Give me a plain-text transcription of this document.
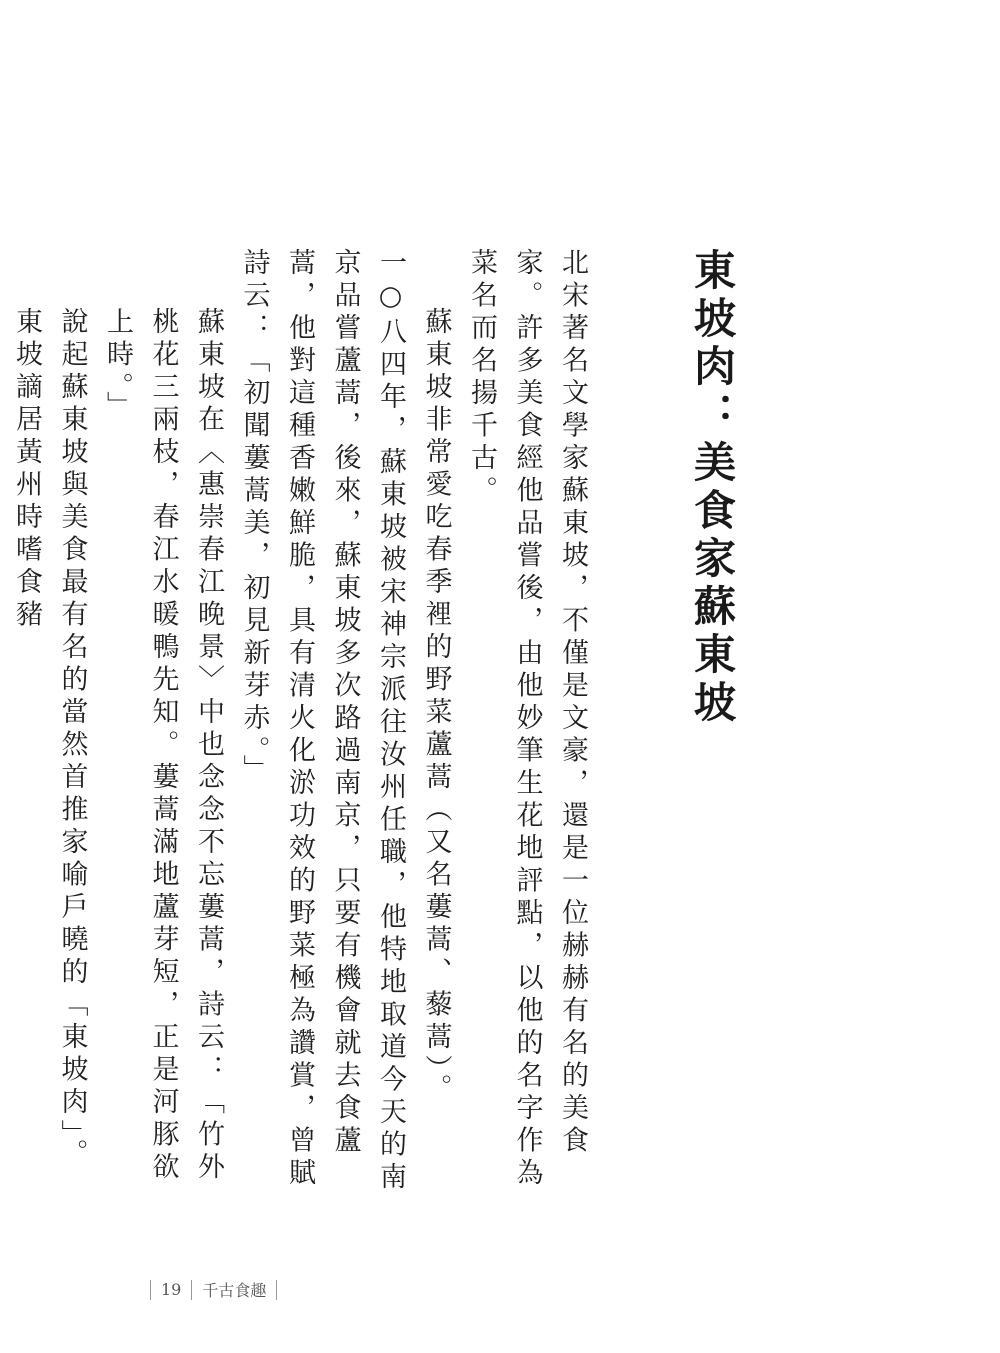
東坡肉：美食家蘇東坡

北宋著名文學家蘇東坡，不僅是文豪，還是一位赫赫有名的美食家。許多美食經他品嘗後，由他妙筆生花地評點，以他的名字作為菜名而名揚千古。

蘇東坡非常愛吃春季裡的野菜蘆蒿（又名蔞蒿、藜蒿）。

一○八四年，蘇東坡被宋神宗派往汝州任職，他特地取道今天的南京品嘗蘆蒿，後來，蘇東坡多次路過南京，只要有機會就去食蘆蒿，他對這種香嫩鮮脆，具有清火化淤功效的野菜極為讚賞，曾賦詩云：「初聞蔞蒿美，初見新芽赤。」

蘇東坡在〈惠崇春江晚景〉中也念念不忘蔞蒿，詩云：「竹外桃花三兩枝，春江水暖鴨先知。蔞蒿滿地蘆芽短，正是河豚欲上時。」

說起蘇東坡與美食最有名的當然首推家喻戶曉的「東坡肉」。東坡謫居黃州時嗜食豬

19 千古食趣
